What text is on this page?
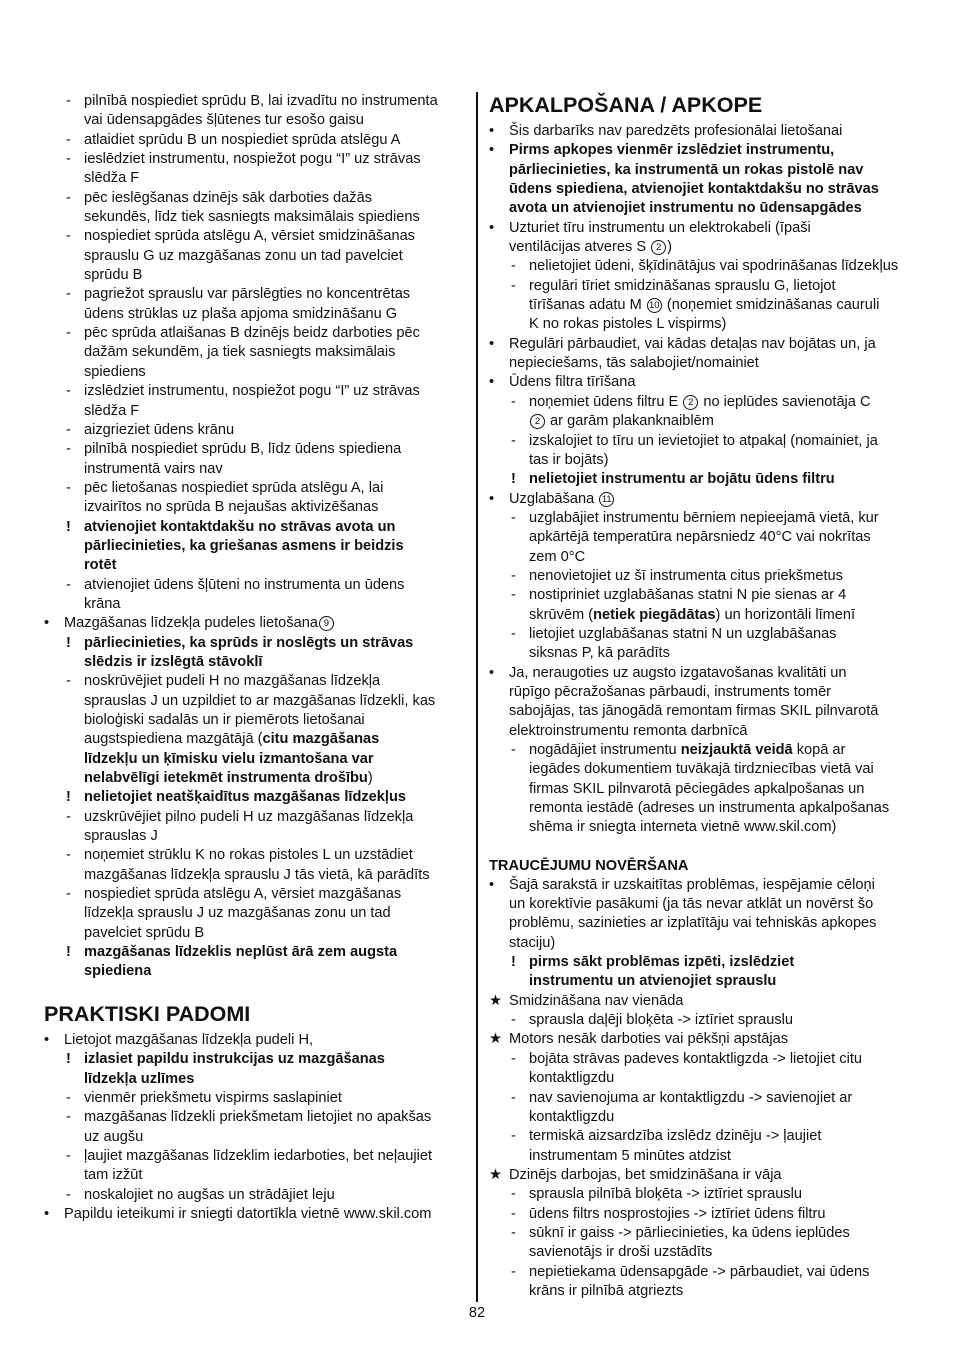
- pilnībā nospiediet sprūdu B, lai izvadītu no instrumenta
vai ūdensapgādes šļūtenes tur esošo gaisu
- atlaidiet sprūdu B un nospiediet sprūda atslēgu A
- ieslēdziet instrumentu, nospiežot pogu “I” uz strāvas
slēdža F
- pēc ieslēgšanas dzinējs sāk darboties dažās
sekundēs, līdz tiek sasniegts maksimālais spiediens
- nospiediet sprūda atslēgu A, vērsiet smidzināšanas
sprauslu G uz mazgāšanas zonu un tad pavelciet
sprūdu B
- pagriežot sprauslu var pārslēgties no koncentrētas
ūdens strūklas uz plaša apjoma smidzināšanu G
- pēc sprūda atlaišanas B dzinējs beidz darboties pēc
dažām sekundēm, ja tiek sasniegts maksimālais
spiediens
- izslēdziet instrumentu, nospiežot pogu “I” uz strāvas
slēdža F
- aizgrieziet ūdens krānu
- pilnībā nospiediet sprūdu B, līdz ūdens spiediena
instrumentā vairs nav
- pēc lietošanas nospiediet sprūda atslēgu A, lai
izvairītos no sprūda B nejaušas aktivizēšanas
! atvienojiet kontaktdakšu no strāvas avota un
pārliecinieties, ka griešanas asmens ir beidzis
rotēt
- atvienojiet ūdens šļūteni no instrumenta un ūdens
krāna
• Mazgāšanas līdzekļa pudeles lietošana 9
! pārliecinieties, ka sprūds ir noslēgts un strāvas
slēdzis ir izslēgtā stāvoklī
- noskrūvējiet pudeli H no mazgāšanas līdzekļa
sprauslas J un uzpildiet to ar mazgāšanas līdzekli, kas
bioloģiski sadalās un ir piemērots lietošanai
augstspiediena mazgātājā (citu mazgāšanas
līdzekļu un ķīmisku vielu izmantošana var
nelabvēlīgi ietekmēt instrumenta drošību)
! nelietojiet neatšķaidītus mazgāšanas līdzekļus
- uzskrūvējiet pilno pudeli H uz mazgāšanas līdzekļa
sprauslas J
- noņemiet strūklu K no rokas pistoles L un uzstādiet
mazgāšanas līdzekļa sprauslu J tās vietā, kā parādīts
- nospiediet sprūda atslēgu A, vērsiet mazgāšanas
līdzekļa sprauslu J uz mazgāšanas zonu un tad
pavelciet sprūdu B
! mazgāšanas līdzeklis neplūst ārā zem augsta
spiediena
PRAKTISKI PADOMI
• Lietojot mazgāšanas līdzekļa pudeli H,
! izlasiet papildu instrukcijas uz mazgāšanas
līdzekļa uzlīmes
- vienmēr priekšmetu vispirms saslapiniet
- mazgāšanas līdzekli priekšmetam lietojiet no apakšas
uz augšu
- ļaujiet mazgāšanas līdzeklim iedarboties, bet neļaujiet
tam izžūt
- noskalojiet no augšas un strādājiet leju
• Papildu ieteikumi ir sniegti datortīkla vietnē www.skil.com
APKALPOŠANA / APKOPE
• Šis darbarīks nav paredzēts profesionālai lietošanai
• Pirms apkopes vienmēr izslēdziet instrumentu,
pārliecinieties, ka instrumentā un rokas pistolē nav
ūdens spiediena, atvienojiet kontaktdakšu no strāvas
avota un atvienojiet instrumentu no ūdensapgādes
• Uzturiet tīru instrumentu un elektrokabeli (īpaši
ventilācijas atveres S 2 )
- nelietojiet ūdeni, šķīdinātājus vai spodrināšanas līdzekļus
- regulāri tīriet smidzināšanas sprauslu G, lietojot
tīrīšanas adatu M 10 (noņemiet smidzināšanas cauruli
K no rokas pistoles L vispirms)
• Regulāri pārbaudiet, vai kādas detaļas nav bojātas un, ja
nepieciešams, tās salabojiet/nomainiet
• Ūdens filtra tīrīšana
- noņemiet ūdens filtru E 2 no ieplūdes savienotāja C
2 ar garām plakanknaiblēm
- izskalojiet to tīru un ievietojiet to atpakaļ (nomainiet, ja
tas ir bojāts)
! nelietojiet instrumentu ar bojātu ūdens filtru
• Uzglabāšana 11
- uzglabājiet instrumentu bērniem nepieejamā vietā, kur
apkārtējā temperatūra nepārsniedz 40°C vai nokrītas
zem 0°C
- nenovietojiet uz šī instrumenta citus priekšmetus
- nostipriniet uzglabāšanas statni N pie sienas ar 4
skrūvēm (netiek piegādātas) un horizontāli līmenī
- lietojiet uzglabāšanas statni N un uzglabāšanas
siksnas P, kā parādīts
• Ja, neraugoties uz augsto izgatavošanas kvalitāti un
rūpīgo pēcražošanas pārbaudi, instruments tomēr
sabojājas, tas jānogādā remontam firmas SKIL pilnvarotā
elektroinstrumentu remonta darbnīcā
- nogādājiet instrumentu neizjauktā veidā kopā ar
iegādes dokumentiem tuvākajā tirdzniecības vietā vai
firmas SKIL pilnvarotā pēciegādes apkalpošanas un
remonta iestādē (adreses un instrumenta apkalpošanas
shēma ir sniegta interneta vietnē www.skil.com)
TRAUCĒJUMU NOVĒRŠANA
• Šajā sarakstā ir uzskaitītas problēmas, iespējamie cēloņi
un korektīvie pasākumi (ja tās nevar atklāt un novērst šo
problēmu, sazinieties ar izplatītāju vai tehniskās apkopes
staciju)
! pirms sākt problēmas izpēti, izslēdziet
instrumentu un atvienojiet sprauslu
★ Smidzināšana nav vienāda
- sprausla daļēji bloķēta -> iztīriet sprauslu
★ Motors nesāk darboties vai pēkšņi apstājas
- bojāta strāvas padeves kontaktligzda -> lietojiet citu
kontaktligzdu
- nav savienojuma ar kontaktligzdu -> savienojiet ar
kontaktligzdu
- termiskā aizsardzība izslēdz dzinēju -> ļaujiet
instrumentam 5 minūtes atdzist
★ Dzinējs darbojas, bet smidzināšana ir vāja
- sprausla pilnībā bloķēta -> iztīriet sprauslu
- ūdens filtrs nosprostojies -> iztīriet ūdens filtru
- sūknī ir gaiss -> pārliecinieties, ka ūdens ieplūdes
savienotājs ir droši uzstādīts
- nepietiekama ūdensapgāde -> pārbaudiet, vai ūdens
krāns ir pilnībā atgriezts
82
